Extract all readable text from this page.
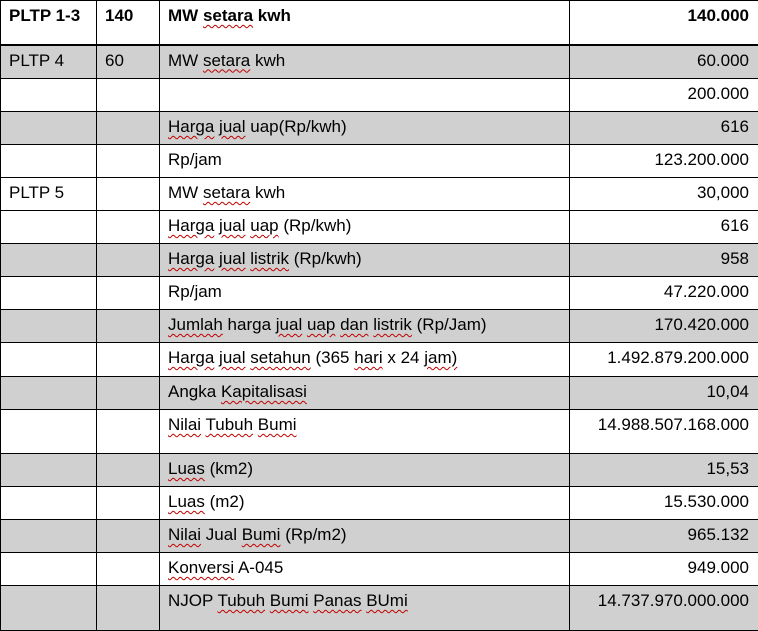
PLTP 1-3	140	MW setara kwh	140.000
PLTP 4	60	MW setara kwh	60.000
			200.000
		Harga jual uap(Rp/kwh)	616
		Rp/jam	123.200.000
PLTP 5		MW setara kwh	30,000
		Harga jual uap (Rp/kwh)	616
		Harga jual listrik (Rp/kwh)	958
		Rp/jam	47.220.000
		Jumlah harga jual uap dan listrik (Rp/Jam)	170.420.000
		Harga jual setahun (365 hari x 24 jam)	1.492.879.200.000
		Angka Kapitalisasi	10,04
		Nilai Tubuh Bumi	14.988.507.168.000
		Luas (km2)	15,53
		Luas (m2)	15.530.000
		Nilai Jual Bumi (Rp/m2)	965.132
		Konversi A-045	949.000
		NJOP Tubuh Bumi Panas BUmi	14.737.970.000.000
